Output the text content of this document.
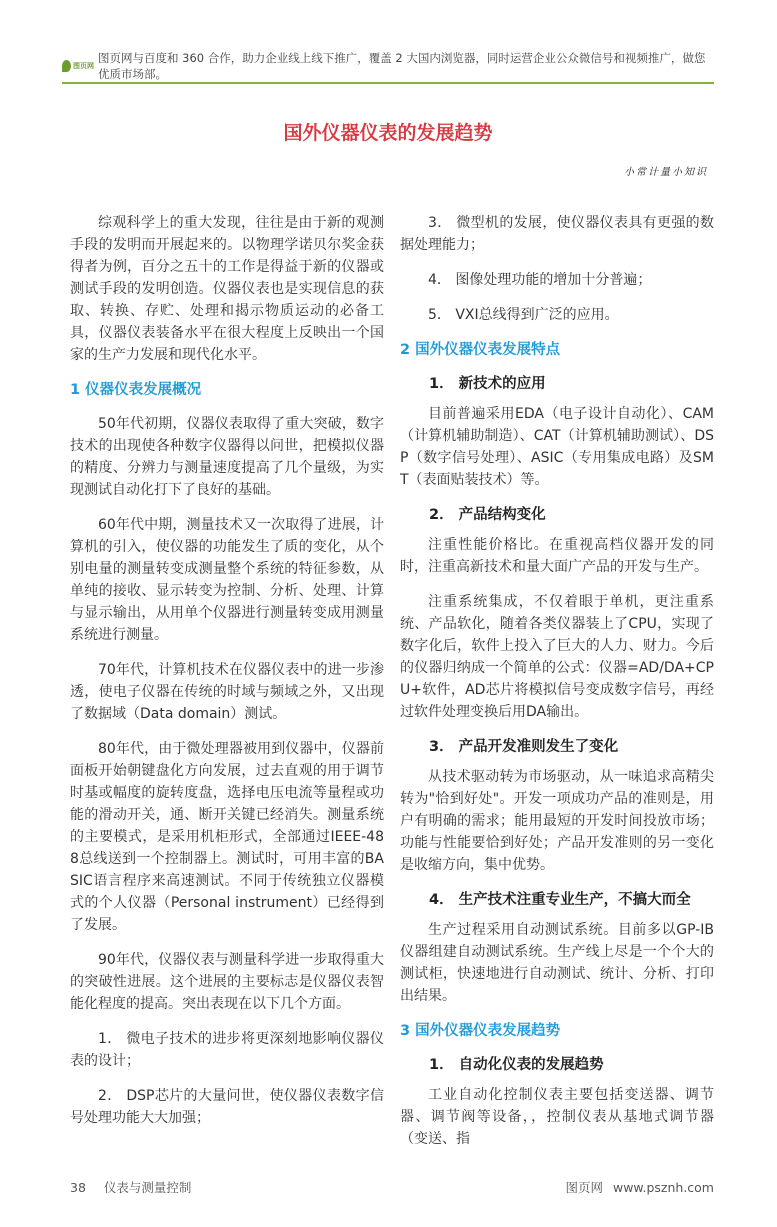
图页网
图页网与百度和 360 合作，助力企业线上线下推广，覆盖 2 大国内浏览器，同时运营企业公众微信号和视频推广，做您优质市场部。
国外仪器仪表的发展趋势
小常计量小知识

综观科学上的重大发现，往往是由于新的观测手段的发明而开展起来的。以物理学诺贝尔奖金获得者为例，百分之五十的工作是得益于新的仪器或测试手段的发明创造。仪器仪表也是实现信息的获取、转换、存贮、处理和揭示物质运动的必备工具，仪器仪表装备水平在很大程度上反映出一个国家的生产力发展和现代化水平。

1 仪器仪表发展概况

50年代初期，仪器仪表取得了重大突破，数字技术的出现使各种数字仪器得以问世，把模拟仪器的精度、分辨力与测量速度提高了几个量级，为实现测试自动化打下了良好的基础。

60年代中期，测量技术又一次取得了进展，计算机的引入，使仪器的功能发生了质的变化，从个别电量的测量转变成测量整个系统的特征参数，从单纯的接收、显示转变为控制、分析、处理、计算与显示输出，从用单个仪器进行测量转变成用测量系统进行测量。

70年代，计算机技术在仪器仪表中的进一步渗透，使电子仪器在传统的时域与频域之外，又出现了数据域（Data domain）测试。

80年代，由于微处理器被用到仪器中，仪器前面板开始朝键盘化方向发展，过去直观的用于调节时基或幅度的旋转度盘，选择电压电流等量程或功能的滑动开关，通、断开关键已经消失。测量系统的主要模式，是采用机柜形式，全部通过IEEE-488总线送到一个控制器上。测试时，可用丰富的BASIC语言程序来高速测试。不同于传统独立仪器模式的个人仪器（Personal instrument）已经得到了发展。

90年代，仪器仪表与测量科学进一步取得重大的突破性进展。这个进展的主要标志是仪器仪表智能化程度的提高。突出表现在以下几个方面。

1． 微电子技术的进步将更深刻地影响仪器仪表的设计；

2． DSP芯片的大量问世，使仪器仪表数字信号处理功能大大加强；

3． 微型机的发展，使仪器仪表具有更强的数据处理能力；

4． 图像处理功能的增加十分普遍；

5． VXI总线得到广泛的应用。

2 国外仪器仪表发展特点
1． 新技术的应用

目前普遍采用EDA（电子设计自动化）、CAM（计算机辅助制造）、CAT（计算机辅助测试）、DSP（数字信号处理）、ASIC（专用集成电路）及SMT（表面贴装技术）等。

2． 产品结构变化

注重性能价格比。在重视高档仪器开发的同时，注重高新技术和量大面广产品的开发与生产。

注重系统集成，不仅着眼于单机，更注重系统、产品软化，随着各类仪器装上了CPU，实现了数字化后，软件上投入了巨大的人力、财力。今后的仪器归纳成一个简单的公式：仪器=AD/DA+CPU+软件，AD芯片将模拟信号变成数字信号，再经过软件处理变换后用DA输出。

3． 产品开发准则发生了变化

从技术驱动转为市场驱动，从一味追求高精尖转为"恰到好处"。开发一项成功产品的准则是，用户有明确的需求；能用最短的开发时间投放市场；功能与性能要恰到好处；产品开发准则的另一变化是收缩方向，集中优势。

4． 生产技术注重专业生产，不搞大而全

生产过程采用自动测试系统。目前多以GP-IB仪器组建自动测试系统。生产线上尽是一个个大的测试柜，快速地进行自动测试、统计、分析、打印出结果。

3 国外仪器仪表发展趋势
1． 自动化仪表的发展趋势

工业自动化控制仪表主要包括变送器、调节器、调节阀等设备，，控制仪表从基地式调节器（变送、指

38 仪表与测量控制	图页网 www.psznh.com
